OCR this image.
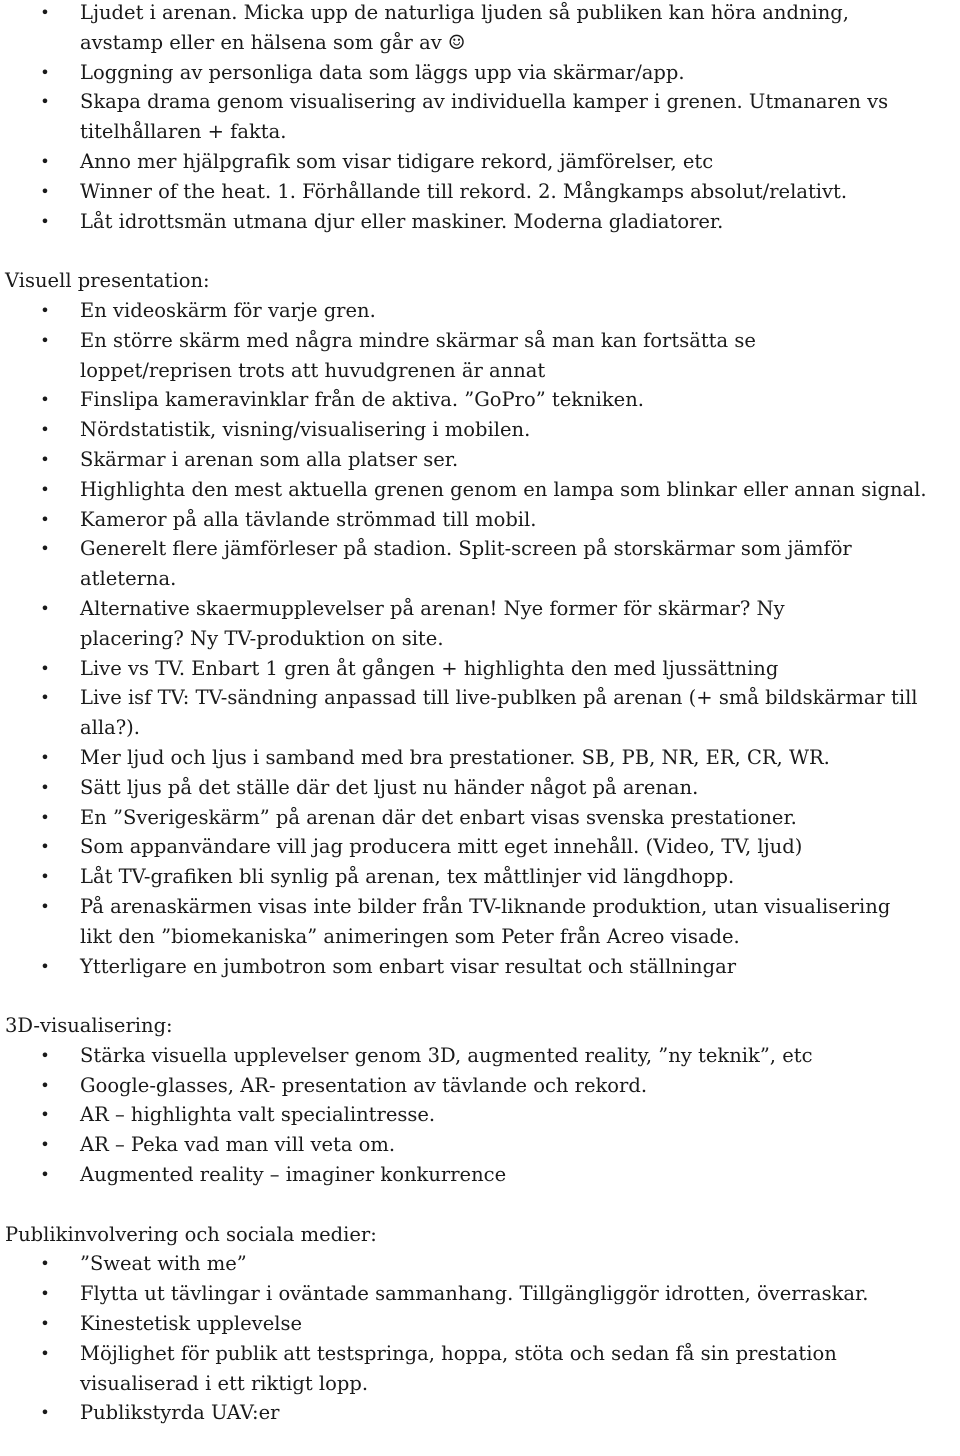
• Ljudet i arenan. Micka upp de naturliga ljuden så publiken kan höra andning, avstamp eller en hälsena som går av ☺
• Loggning av personliga data som läggs upp via skärmar/app.
• Skapa drama genom visualisering av individuella kamper i grenen. Utmanaren vs titelhållaren + fakta.
• Anno mer hjälpgrafik som visar tidigare rekord, jämförelser, etc
• Winner of the heat. 1. Förhållande till rekord. 2. Mångkamps absolut/relativt.
• Låt idrottsmän utmana djur eller maskiner. Moderna gladiatorer.
Visuell presentation:
• En videoskärm för varje gren.
• En större skärm med några mindre skärmar så man kan fortsätta se loppet/reprisen trots att huvudgrenen är annat
• Finslipa kameravinklar från de aktiva. ”GoPro” tekniken.
• Nördstatistik, visning/visualisering i mobilen.
• Skärmar i arenan som alla platser ser.
• Highlighta den mest aktuella grenen genom en lampa som blinkar eller annan signal.
• Kameror på alla tävlande strömmad till mobil.
• Generelt flere jämförleser på stadion. Split-screen på storskärmar som jämför atleterna.
• Alternative skaermupplevelser på arenan! Nye former för skärmar? Ny placering? Ny TV-produktion on site.
• Live vs TV. Enbart 1 gren åt gången + highlighta den med ljussättning
• Live isf TV: TV-sändning anpassad till live-publken på arenan (+ små bildskärmar till alla?).
• Mer ljud och ljus i samband med bra prestationer. SB, PB, NR, ER, CR, WR.
• Sätt ljus på det ställe där det ljust nu händer något på arenan.
• En ”Sverigeskärm” på arenan där det enbart visas svenska prestationer.
• Som appanvändare vill jag producera mitt eget innehåll. (Video, TV, ljud)
• Låt TV-grafiken bli synlig på arenan, tex måttlinjer vid längdhopp.
• På arenaskärmen visas inte bilder från TV-liknande produktion, utan visualisering likt den ”biomekaniska” animeringen som Peter från Acreo visade.
• Ytterligare en jumbotron som enbart visar resultat och ställningar
3D-visualisering:
• Stärka visuella upplevelser genom 3D, augmented reality, ”ny teknik”, etc
• Google-glasses, AR- presentation av tävlande och rekord.
• AR – highlighta valt specialintresse.
• AR – Peka vad man vill veta om.
• Augmented reality – imaginer konkurrence
Publikinvolvering och sociala medier:
• ”Sweat with me”
• Flytta ut tävlingar i oväntade sammanhang. Tillgängliggör idrotten, överraskar.
• Kinestetisk upplevelse
• Möjlighet för publik att testspringa, hoppa, stöta och sedan få sin prestation visualiserad i ett riktigt lopp.
• Publikstyrda UAV:er
